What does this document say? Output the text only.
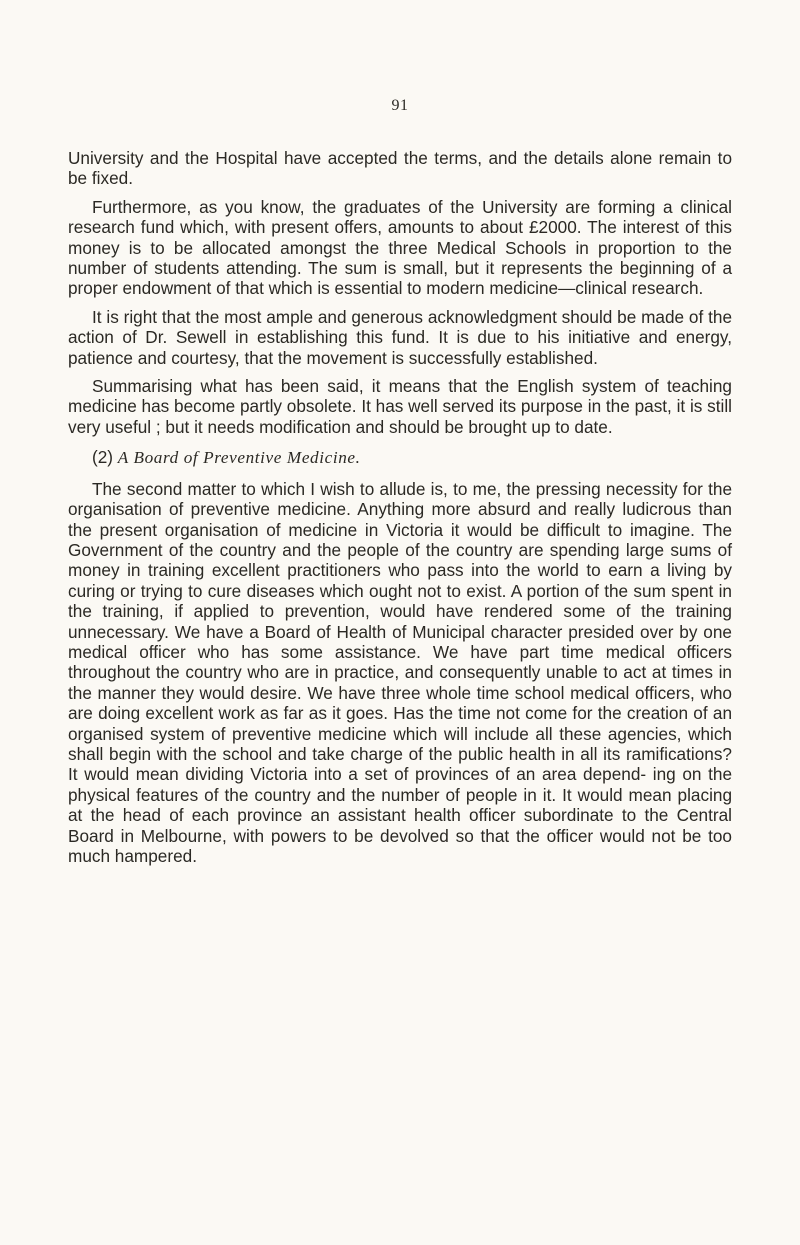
91

University and the Hospital have accepted the terms, and the details alone remain to be fixed.

Furthermore, as you know, the graduates of the University are forming a clinical research fund which, with present offers, amounts to about £2000. The interest of this money is to be allocated amongst the three Medical Schools in proportion to the number of students attending. The sum is small, but it represents the beginning of a proper endowment of that which is essential to modern medicine—clinical research.

It is right that the most ample and generous acknowledgment should be made of the action of Dr. Sewell in establishing this fund. It is due to his initiative and energy, patience and courtesy, that the movement is successfully established.

Summarising what has been said, it means that the English system of teaching medicine has become partly obsolete. It has well served its purpose in the past, it is still very useful ; but it needs modification and should be brought up to date.

(2) A Board of Preventive Medicine.

The second matter to which I wish to allude is, to me, the pressing necessity for the organisation of preventive medicine. Anything more absurd and really ludicrous than the present organisation of medicine in Victoria it would be difficult to imagine. The Government of the country and the people of the country are spending large sums of money in training excellent practitioners who pass into the world to earn a living by curing or trying to cure diseases which ought not to exist. A portion of the sum spent in the training, if applied to prevention, would have rendered some of the training unnecessary. We have a Board of Health of Municipal character presided over by one medical officer who has some assistance. We have part time medical officers throughout the country who are in practice, and consequently unable to act at times in the manner they would desire. We have three whole time school medical officers, who are doing excellent work as far as it goes. Has the time not come for the creation of an organised system of preventive medicine which will include all these agencies, which shall begin with the school and take charge of the public health in all its ramifications? It would mean dividing Victoria into a set of provinces of an area depend- ing on the physical features of the country and the number of people in it. It would mean placing at the head of each province an assistant health officer subordinate to the Central Board in Melbourne, with powers to be devolved so that the officer would not be too much hampered.
